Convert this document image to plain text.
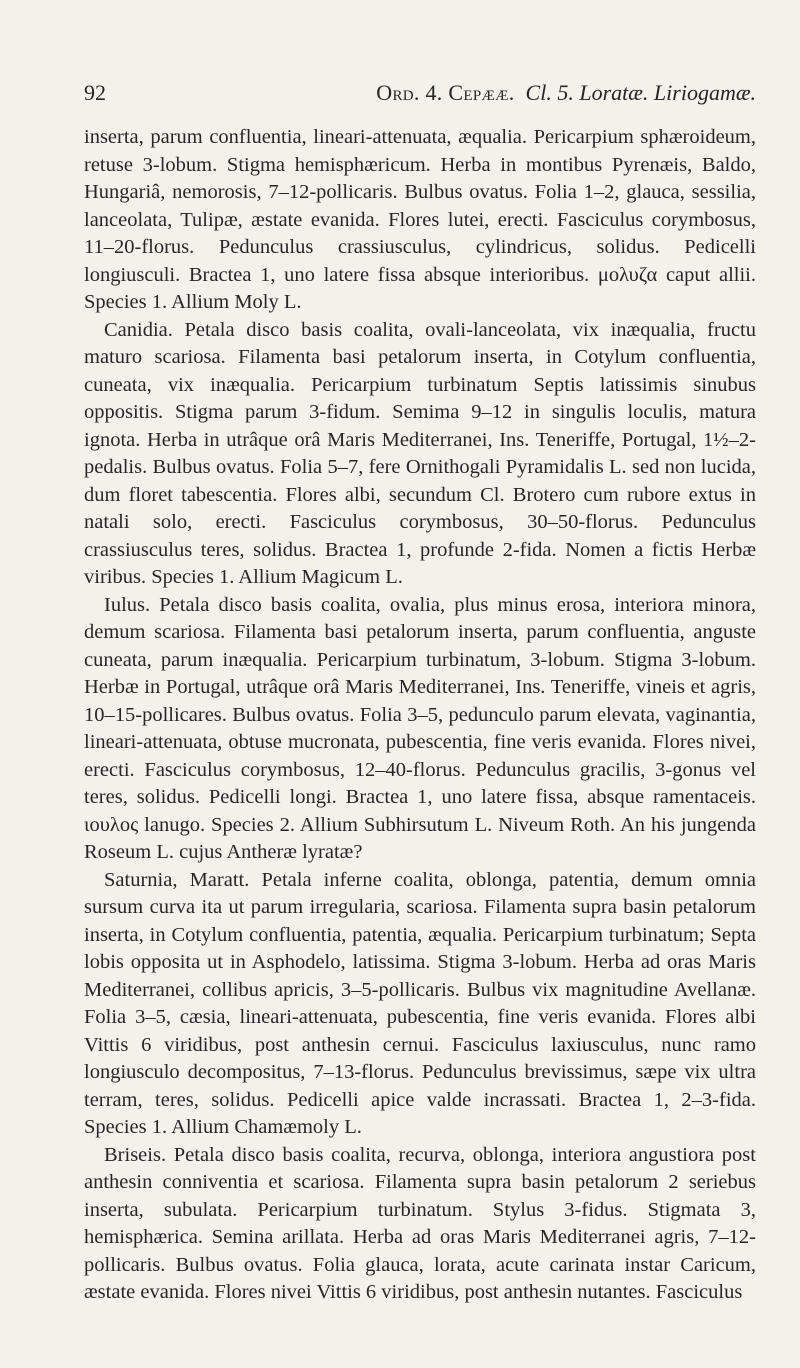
92	Ord. 4. Cepææ. Cl. 5. Loratæ. Liriogamæ.

inserta, parum confluentia, lineari-attenuata, æqualia. Pericarpium sphæroideum, retuse 3-lobum. Stigma hemisphæricum. Herba in montibus Pyrenæis, Baldo, Hungariâ, nemorosis, 7–12-pollicaris. Bulbus ovatus. Folia 1–2, glauca, sessilia, lanceolata, Tulipæ, æstate evanida. Flores lutei, erecti. Fasciculus corymbosus, 11–20-florus. Pedunculus crassiusculus, cylindricus, solidus. Pedicelli longiusculi. Bractea 1, uno latere fissa absque interioribus. μολυζα caput allii. Species 1. Allium Moly L.

Canidia. Petala disco basis coalita, ovali-lanceolata, vix inæqualia, fructu maturo scariosa. Filamenta basi petalorum inserta, in Cotylum confluentia, cuneata, vix inæqualia. Pericarpium turbinatum Septis latissimis sinubus oppositis. Stigma parum 3-fidum. Semima 9–12 in singulis loculis, matura ignota. Herba in utrâque orâ Maris Mediterranei, Ins. Teneriffe, Portugal, 1½–2-pedalis. Bulbus ovatus. Folia 5–7, fere Ornithogali Pyramidalis L. sed non lucida, dum floret tabescentia. Flores albi, secundum Cl. Brotero cum rubore extus in natali solo, erecti. Fasciculus corymbosus, 30–50-florus. Pedunculus crassiusculus teres, solidus. Bractea 1, profunde 2-fida. Nomen a fictis Herbæ viribus. Species 1. Allium Magicum L.

Iulus. Petala disco basis coalita, ovalia, plus minus erosa, interiora minora, demum scariosa. Filamenta basi petalorum inserta, parum confluentia, anguste cuneata, parum inæqualia. Pericarpium turbinatum, 3-lobum. Stigma 3-lobum. Herbæ in Portugal, utrâque orâ Maris Mediterranei, Ins. Teneriffe, vineis et agris, 10–15-pollicares. Bulbus ovatus. Folia 3–5, pedunculo parum elevata, vaginantia, lineari-attenuata, obtuse mucronata, pubescentia, fine veris evanida. Flores nivei, erecti. Fasciculus corymbosus, 12–40-florus. Pedunculus gracilis, 3-gonus vel teres, solidus. Pedicelli longi. Bractea 1, uno latere fissa, absque ramentaceis. ιουλος lanugo. Species 2. Allium Subhirsutum L. Niveum Roth. An his jungenda Roseum L. cujus Antheræ lyratæ?

Saturnia, Maratt. Petala inferne coalita, oblonga, patentia, demum omnia sursum curva ita ut parum irregularia, scariosa. Filamenta supra basin petalorum inserta, in Cotylum confluentia, patentia, æqualia. Pericarpium turbinatum; Septa lobis opposita ut in Asphodelo, latissima. Stigma 3-lobum. Herba ad oras Maris Mediterranei, collibus apricis, 3–5-pollicaris. Bulbus vix magnitudine Avellanæ. Folia 3–5, cæsia, lineari-attenuata, pubescentia, fine veris evanida. Flores albi Vittis 6 viridibus, post anthesin cernui. Fasciculus laxiusculus, nunc ramo longiusculo decompositus, 7–13-florus. Pedunculus brevissimus, sæpe vix ultra terram, teres, solidus. Pedicelli apice valde incrassati. Bractea 1, 2–3-fida. Species 1. Allium Chamæmoly L.

Briseis. Petala disco basis coalita, recurva, oblonga, interiora angustiora post anthesin conniventia et scariosa. Filamenta supra basin petalorum 2 seriebus inserta, subulata. Pericarpium turbinatum. Stylus 3-fidus. Stigmata 3, hemisphærica. Semina arillata. Herba ad oras Maris Mediterranei agris, 7–12-pollicaris. Bulbus ovatus. Folia glauca, lorata, acute carinata instar Caricum, æstate evanida. Flores nivei Vittis 6 viridibus, post anthesin nutantes. Fasciculus
